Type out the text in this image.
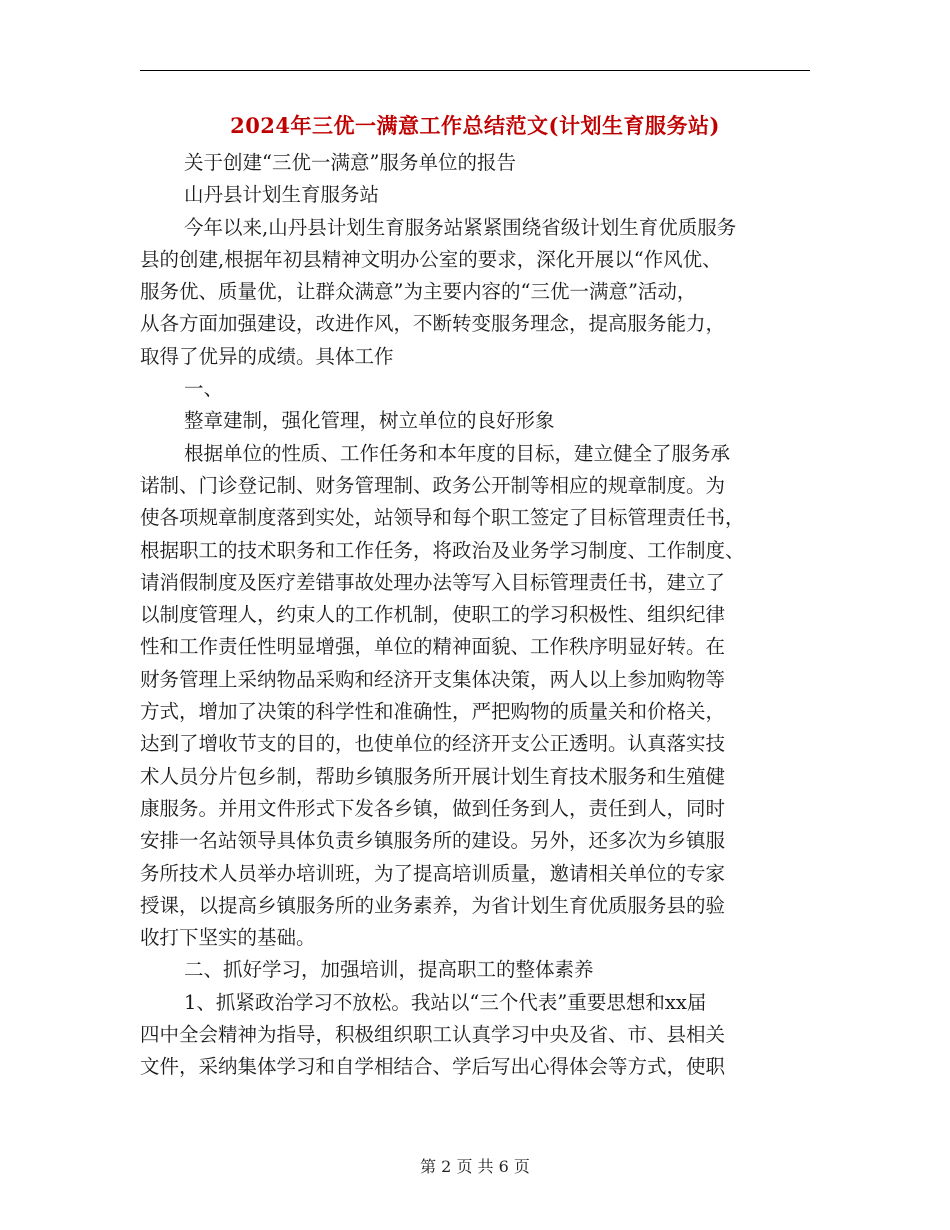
2024年三优一满意工作总结范文(计划生育服务站)
关于创建“三优一满意”服务单位的报告
山丹县计划生育服务站
今年以来,山丹县计划生育服务站紧紧围绕省级计划生育优质服务
县的创建,根据年初县精神文明办公室的要求，深化开展以“作风优、
服务优、质量优，让群众满意”为主要内容的“三优一满意”活动，
从各方面加强建设，改进作风，不断转变服务理念，提高服务能力，
取得了优异的成绩。具体工作
一、
整章建制，强化管理，树立单位的良好形象
根据单位的性质、工作任务和本年度的目标，建立健全了服务承
诺制、门诊登记制、财务管理制、政务公开制等相应的规章制度。为
使各项规章制度落到实处，站领导和每个职工签定了目标管理责任书，
根据职工的技术职务和工作任务，将政治及业务学习制度、工作制度、
请消假制度及医疗差错事故处理办法等写入目标管理责任书，建立了
以制度管理人，约束人的工作机制，使职工的学习积极性、组织纪律
性和工作责任性明显增强，单位的精神面貌、工作秩序明显好转。在
财务管理上采纳物品采购和经济开支集体决策，两人以上参加购物等
方式，增加了决策的科学性和准确性，严把购物的质量关和价格关，
达到了增收节支的目的，也使单位的经济开支公正透明。认真落实技
术人员分片包乡制，帮助乡镇服务所开展计划生育技术服务和生殖健
康服务。并用文件形式下发各乡镇，做到任务到人，责任到人，同时
安排一名站领导具体负责乡镇服务所的建设。另外，还多次为乡镇服
务所技术人员举办培训班，为了提高培训质量，邀请相关单位的专家
授课，以提高乡镇服务所的业务素养，为省计划生育优质服务县的验
收打下坚实的基础。
二、抓好学习，加强培训，提高职工的整体素养
1、抓紧政治学习不放松。我站以“三个代表”重要思想和xx届
四中全会精神为指导，积极组织职工认真学习中央及省、市、县相关
文件，采纳集体学习和自学相结合、学后写出心得体会等方式，使职
第 2 页 共 6 页
